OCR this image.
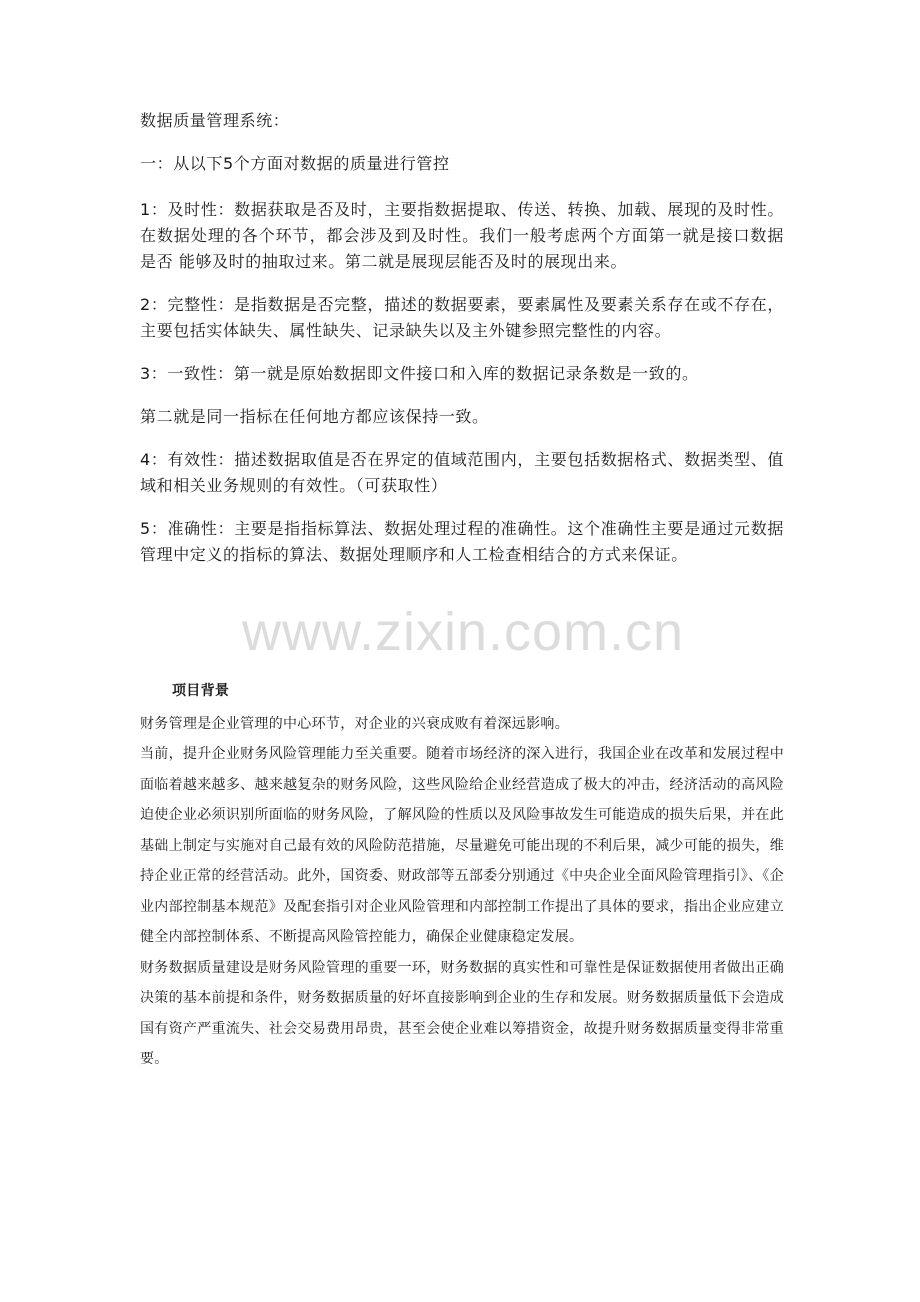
数据质量管理系统：

一：从以下5个方面对数据的质量进行管控

1：及时性：数据获取是否及时，主要指数据提取、传送、转换、加载、展现的及时性。在数据处理的各个环节，都会涉及到及时性。我们一般考虑两个方面第一就是接口数据是否 能够及时的抽取过来。第二就是展现层能否及时的展现出来。

2：完整性：是指数据是否完整，描述的数据要素，要素属性及要素关系存在或不存在，主要包括实体缺失、属性缺失、记录缺失以及主外键参照完整性的内容。

3：一致性：第一就是原始数据即文件接口和入库的数据记录条数是一致的。

第二就是同一指标在任何地方都应该保持一致。

4：有效性：描述数据取值是否在界定的值域范围内，主要包括数据格式、数据类型、值域和相关业务规则的有效性。（可获取性）

5：准确性：主要是指指标算法、数据处理过程的准确性。这个准确性主要是通过元数据管理中定义的指标的算法、数据处理顺序和人工检查相结合的方式来保证。

www.zixin.com.cn
项目背景

财务管理是企业管理的中心环节，对企业的兴衰成败有着深远影响。

当前，提升企业财务风险管理能力至关重要。随着市场经济的深入进行，我国企业在改革和发展过程中面临着越来越多、越来越复杂的财务风险，这些风险给企业经营造成了极大的冲击，经济活动的高风险迫使企业必须识别所面临的财务风险，了解风险的性质以及风险事故发生可能造成的损失后果，并在此基础上制定与实施对自己最有效的风险防范措施，尽量避免可能出现的不利后果，减少可能的损失，维持企业正常的经营活动。此外，国资委、财政部等五部委分别通过《中央企业全面风险管理指引》、《企业内部控制基本规范》及配套指引对企业风险管理和内部控制工作提出了具体的要求，指出企业应建立健全内部控制体系、不断提高风险管控能力，确保企业健康稳定发展。

财务数据质量建设是财务风险管理的重要一环，财务数据的真实性和可靠性是保证数据使用者做出正确决策的基本前提和条件，财务数据质量的好坏直接影响到企业的生存和发展。财务数据质量低下会造成国有资产严重流失、社会交易费用昂贵，甚至会使企业难以筹措资金，故提升财务数据质量变得非常重要。
